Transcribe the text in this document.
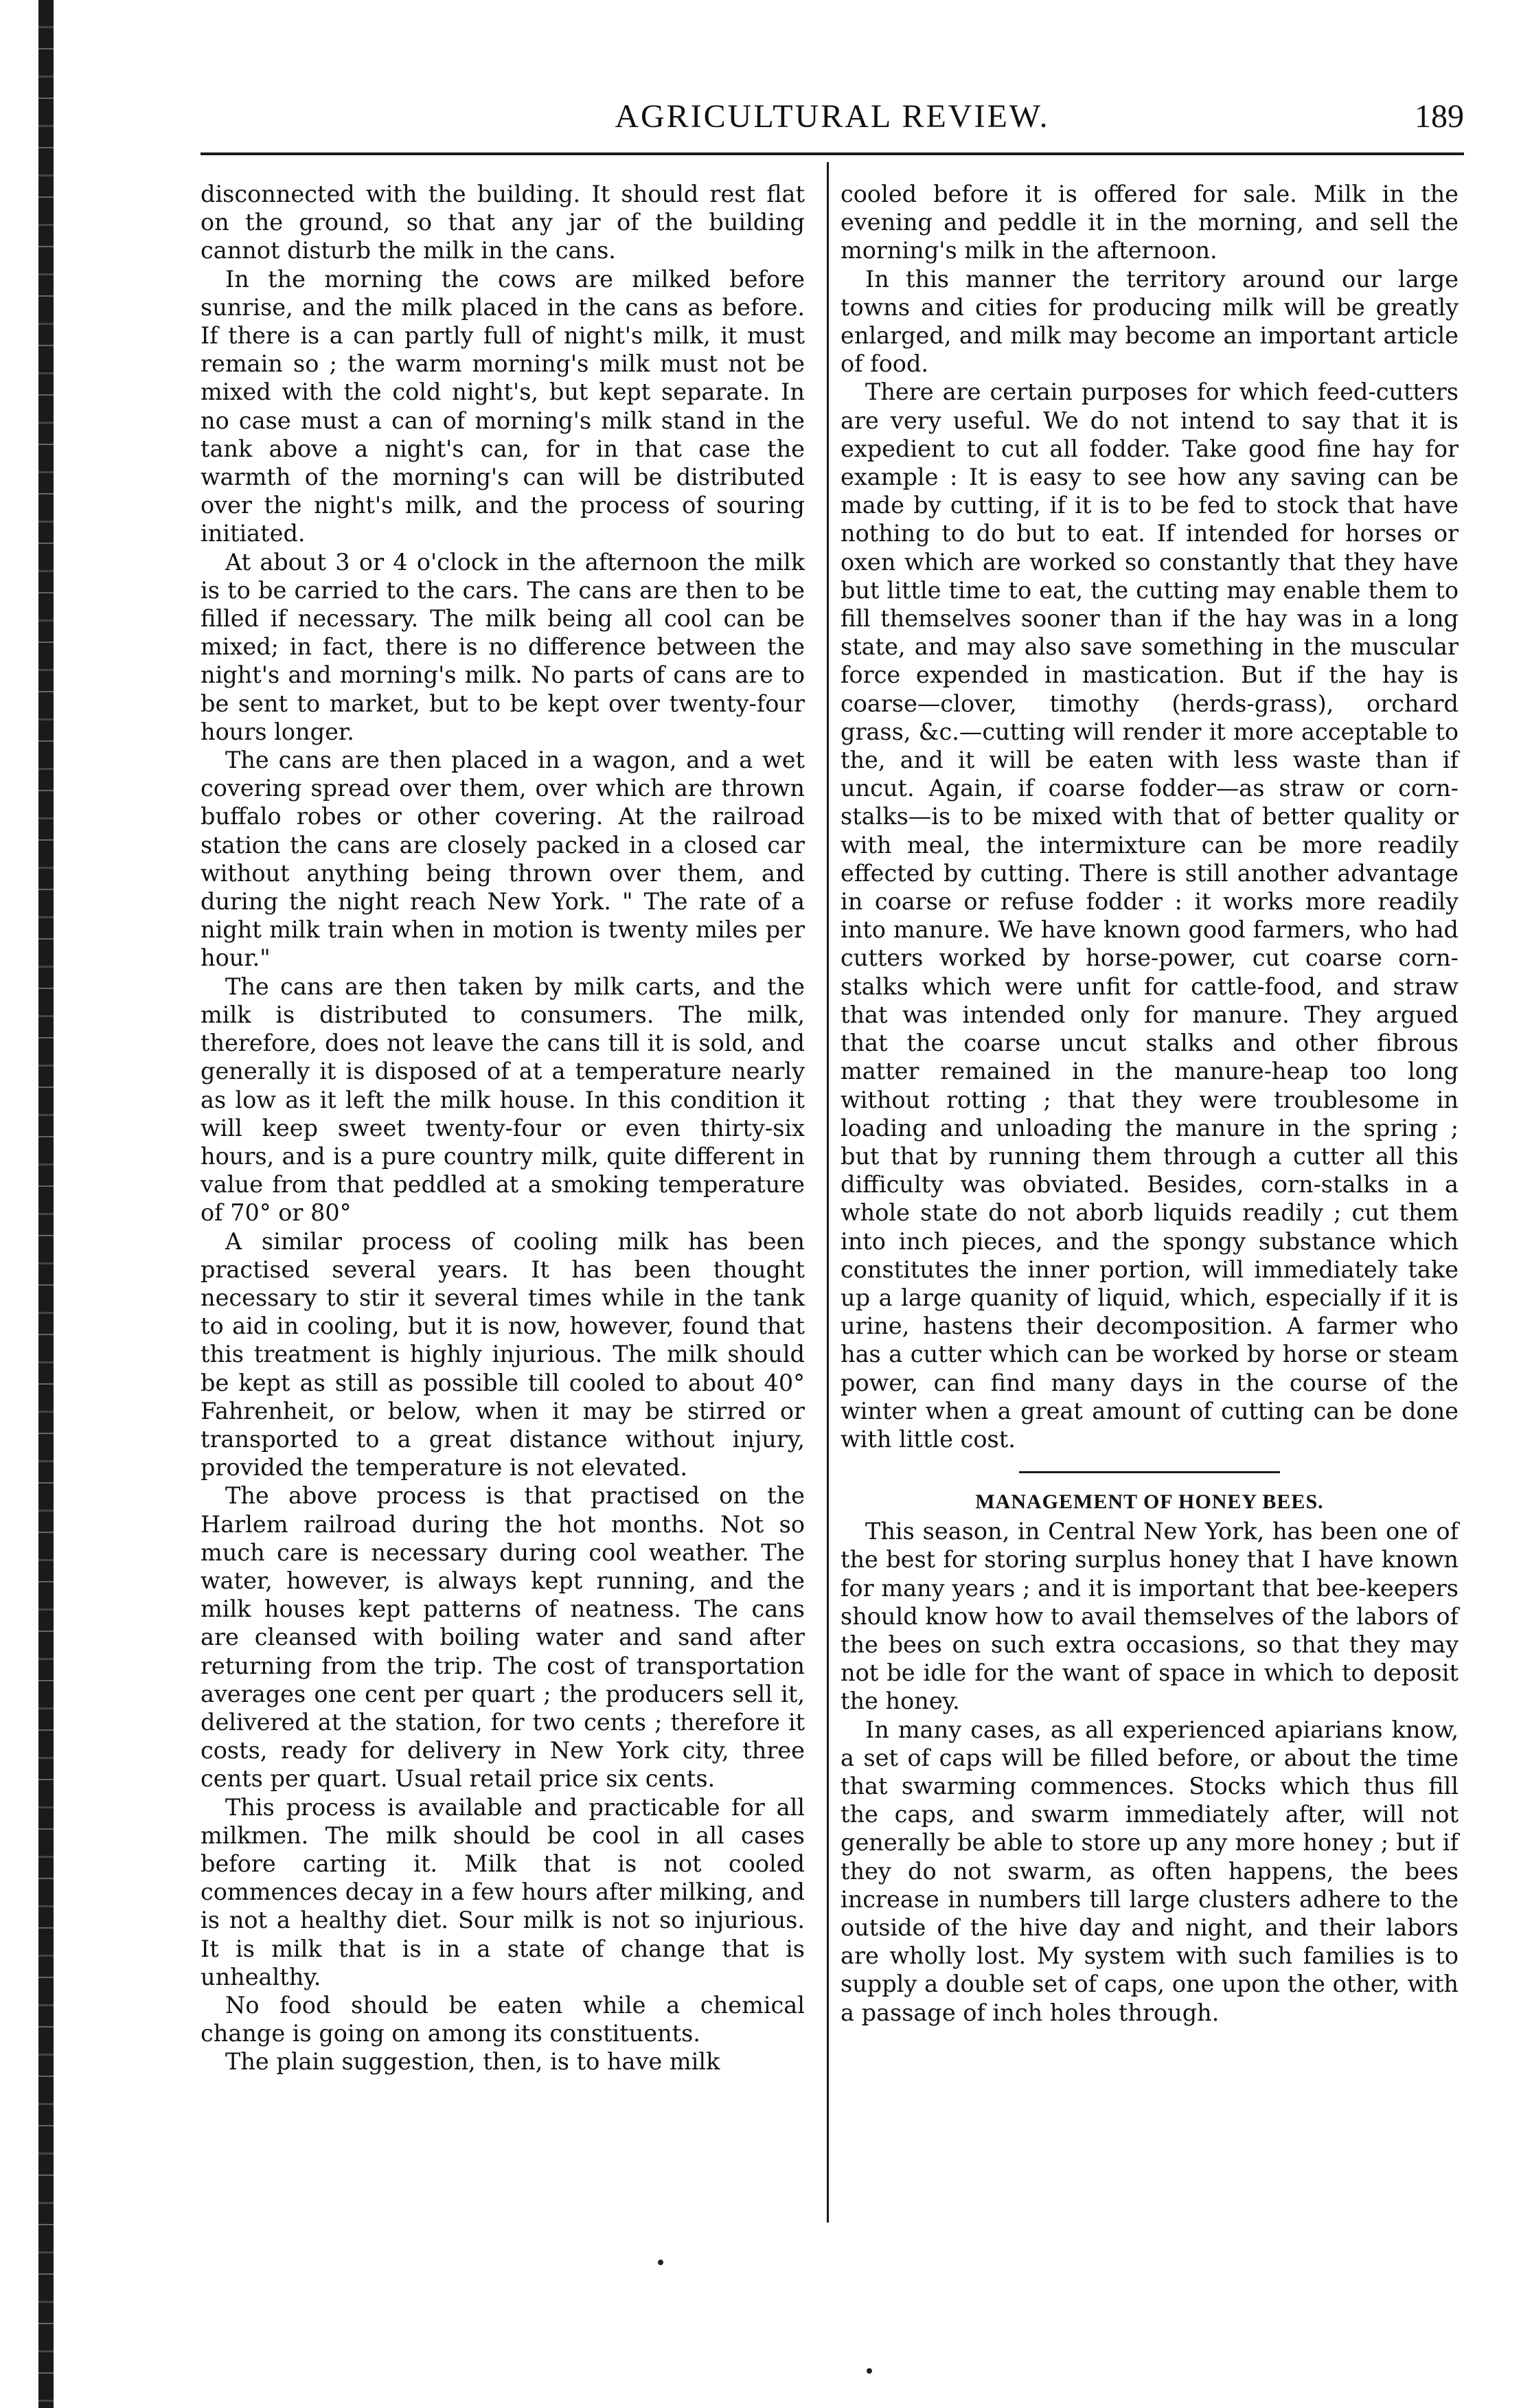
AGRICULTURAL REVIEW.	189

disconnected with the building. It should rest flat on the ground, so that any jar of the building cannot disturb the milk in the cans.

In the morning the cows are milked before sunrise, and the milk placed in the cans as before. If there is a can partly full of night's milk, it must remain so ; the warm morning's milk must not be mixed with the cold night's, but kept separate. In no case must a can of morning's milk stand in the tank above a night's can, for in that case the warmth of the morning's can will be distributed over the night's milk, and the process of souring initiated.

At about 3 or 4 o'clock in the afternoon the milk is to be carried to the cars. The cans are then to be filled if necessary. The milk being all cool can be mixed; in fact, there is no difference between the night's and morning's milk. No parts of cans are to be sent to market, but to be kept over twenty-four hours longer.

The cans are then placed in a wagon, and a wet covering spread over them, over which are thrown buffalo robes or other covering. At the railroad station the cans are closely packed in a closed car without anything being thrown over them, and during the night reach New York. " The rate of a night milk train when in motion is twenty miles per hour."

The cans are then taken by milk carts, and the milk is distributed to consumers. The milk, therefore, does not leave the cans till it is sold, and generally it is disposed of at a temperature nearly as low as it left the milk house. In this condition it will keep sweet twenty-four or even thirty-six hours, and is a pure country milk, quite different in value from that peddled at a smoking temperature of 70° or 80°

A similar process of cooling milk has been practised several years. It has been thought necessary to stir it several times while in the tank to aid in cooling, but it is now, however, found that this treatment is highly injurious. The milk should be kept as still as possible till cooled to about 40° Fahrenheit, or below, when it may be stirred or transported to a great distance without injury, provided the temperature is not elevated.

The above process is that practised on the Harlem railroad during the hot months. Not so much care is necessary during cool weather. The water, however, is always kept running, and the milk houses kept patterns of neatness. The cans are cleansed with boiling water and sand after returning from the trip. The cost of transportation averages one cent per quart ; the producers sell it, delivered at the station, for two cents ; therefore it costs, ready for delivery in New York city, three cents per quart. Usual retail price six cents.

This process is available and practicable for all milkmen. The milk should be cool in all cases before carting it. Milk that is not cooled commences decay in a few hours after milking, and is not a healthy diet. Sour milk is not so injurious. It is milk that is in a state of change that is unhealthy.

No food should be eaten while a chemical change is going on among its constituents.

The plain suggestion, then, is to have milk

cooled before it is offered for sale. Milk in the evening and peddle it in the morning, and sell the morning's milk in the afternoon.

In this manner the territory around our large towns and cities for producing milk will be greatly enlarged, and milk may become an important article of food.

There are certain purposes for which feed-cutters are very useful. We do not intend to say that it is expedient to cut all fodder. Take good fine hay for example : It is easy to see how any saving can be made by cutting, if it is to be fed to stock that have nothing to do but to eat. If intended for horses or oxen which are worked so constantly that they have but little time to eat, the cutting may enable them to fill themselves sooner than if the hay was in a long state, and may also save something in the muscular force expended in mastication. But if the hay is coarse—clover, timothy (herds-grass), orchard grass, &c.—cutting will render it more acceptable to the, and it will be eaten with less waste than if uncut. Again, if coarse fodder—as straw or corn-stalks—is to be mixed with that of better quality or with meal, the intermixture can be more readily effected by cutting. There is still another advantage in coarse or refuse fodder : it works more readily into manure. We have known good farmers, who had cutters worked by horse-power, cut coarse corn-stalks which were unfit for cattle-food, and straw that was intended only for manure. They argued that the coarse uncut stalks and other fibrous matter remained in the manure-heap too long without rotting ; that they were troublesome in loading and unloading the manure in the spring ; but that by running them through a cutter all this difficulty was obviated. Besides, corn-stalks in a whole state do not aborb liquids readily ; cut them into inch pieces, and the spongy substance which constitutes the inner portion, will immediately take up a large quanity of liquid, which, especially if it is urine, hastens their decomposition. A farmer who has a cutter which can be worked by horse or steam power, can find many days in the course of the winter when a great amount of cutting can be done with little cost.

MANAGEMENT OF HONEY BEES.

This season, in Central New York, has been one of the best for storing surplus honey that I have known for many years ; and it is important that bee-keepers should know how to avail themselves of the labors of the bees on such extra occasions, so that they may not be idle for the want of space in which to deposit the honey.

In many cases, as all experienced apiarians know, a set of caps will be filled before, or about the time that swarming commences. Stocks which thus fill the caps, and swarm immediately after, will not generally be able to store up any more honey ; but if they do not swarm, as often happens, the bees increase in numbers till large clusters adhere to the outside of the hive day and night, and their labors are wholly lost. My system with such families is to supply a double set of caps, one upon the other, with a passage of inch holes through.
